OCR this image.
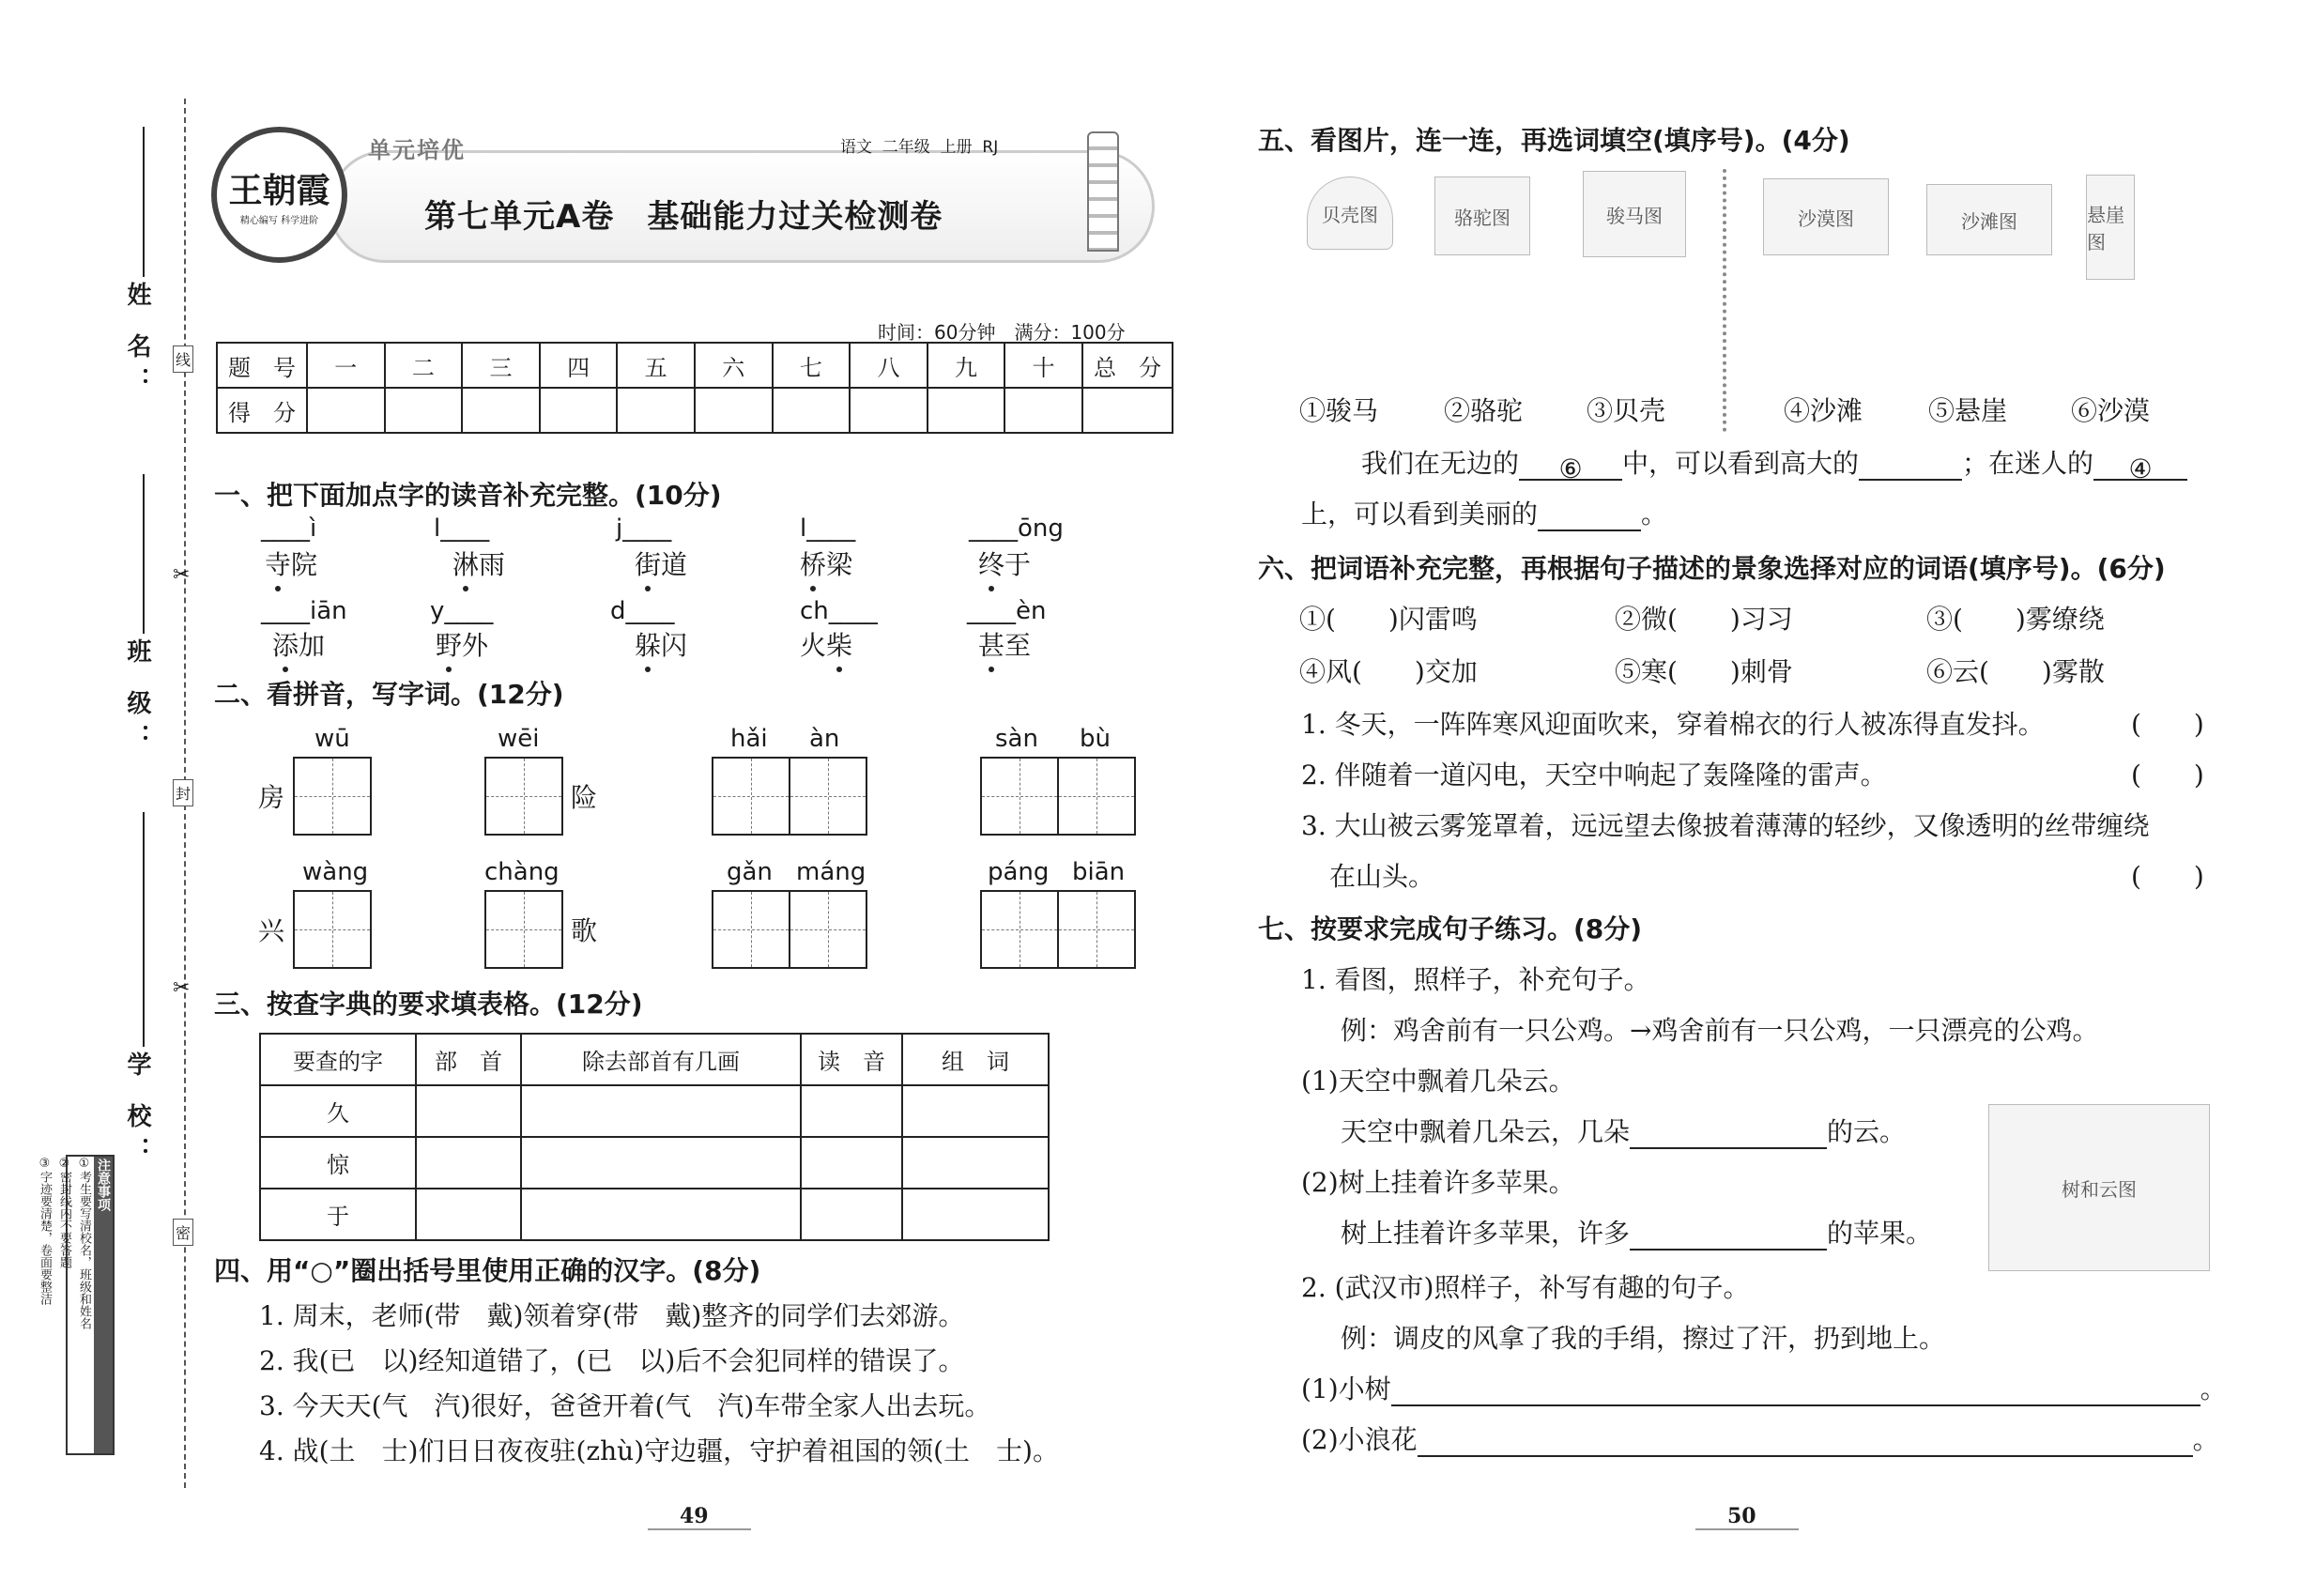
姓 名：
班 级：
学 校：
线
封
密
✂
✂
注意事项
①考生要写清校名，班级和姓名
②密封线内不要答题
③字迹要清楚，卷面要整洁
王朝霞
精心编写 科学进阶
单元培优	语文  二年级  上册  RJ
第七单元A卷　基础能力过关检测卷
时间：60分钟　满分：100分
题　号	一	二	三	四	五	六	七	八	九	十	总　分
得　分											
一、把下面加点字的读音补充完整。(10分)
____ì
寺院
l____
淋雨
j____
街道
l____
桥梁
____ōng
终于
____iān
添加
y____
野外
d____
躲闪
ch____
火柴
____èn
甚至
二、看拼音，写字词。(12分)
wū
房
wēi
险
hǎi àn	sàn bù
wàng
兴
chàng
歌
gǎn máng	páng biān
三、按查字典的要求填表格。(12分)
要查的字	部　首	除去部首有几画	读　音	组　词
久				
惊				
于				
四、用“○”圈出括号里使用正确的汉字。(8分)
1. 周末，老师(带　戴)领着穿(带　戴)整齐的同学们去郊游。
2. 我(已　以)经知道错了，(已　以)后不会犯同样的错误了。
3. 今天天(气　汽)很好，爸爸开着(气　汽)车带全家人出去玩。
4. 战(土　士)们日日夜夜驻(zhù)守边疆，守护着祖国的领(土　士)。
49
五、看图片，连一连，再选词填空(填序号)。(4分)
贝壳图	骆驼图	骏马图	沙漠图	沙滩图	悬崖图
①骏马 ②骆驼 ③贝壳	④沙滩 ⑤悬崖 ⑥沙漠
我们在无边的 ⑥ 中，可以看到高大的	；在迷人的 ④
上，可以看到美丽的	。
六、把词语补充完整，再根据句子描述的景象选择对应的词语(填序号)。(6分)
①(　　)闪雷鸣	②微(　　)习习	③(　　)雾缭绕
④风(　　)交加	⑤寒(　　)刺骨	⑥云(　　)雾散
1. 冬天，一阵阵寒风迎面吹来，穿着棉衣的行人被冻得直发抖。	(　　)
2. 伴随着一道闪电，天空中响起了轰隆隆的雷声。	(　　)
3. 大山被云雾笼罩着，远远望去像披着薄薄的轻纱，又像透明的丝带缠绕
在山头。	(　　)
七、按要求完成句子练习。(8分)
1. 看图，照样子，补充句子。
例：鸡舍前有一只公鸡。→鸡舍前有一只公鸡，一只漂亮的公鸡。
(1)天空中飘着几朵云。
天空中飘着几朵云，几朵	的云。
(2)树上挂着许多苹果。
树上挂着许多苹果，许多	的苹果。
树和云图
2. (武汉市)照样子，补写有趣的句子。
例：调皮的风拿了我的手绢，擦过了汗，扔到地上。
(1)小树	。
(2)小浪花	。
50
